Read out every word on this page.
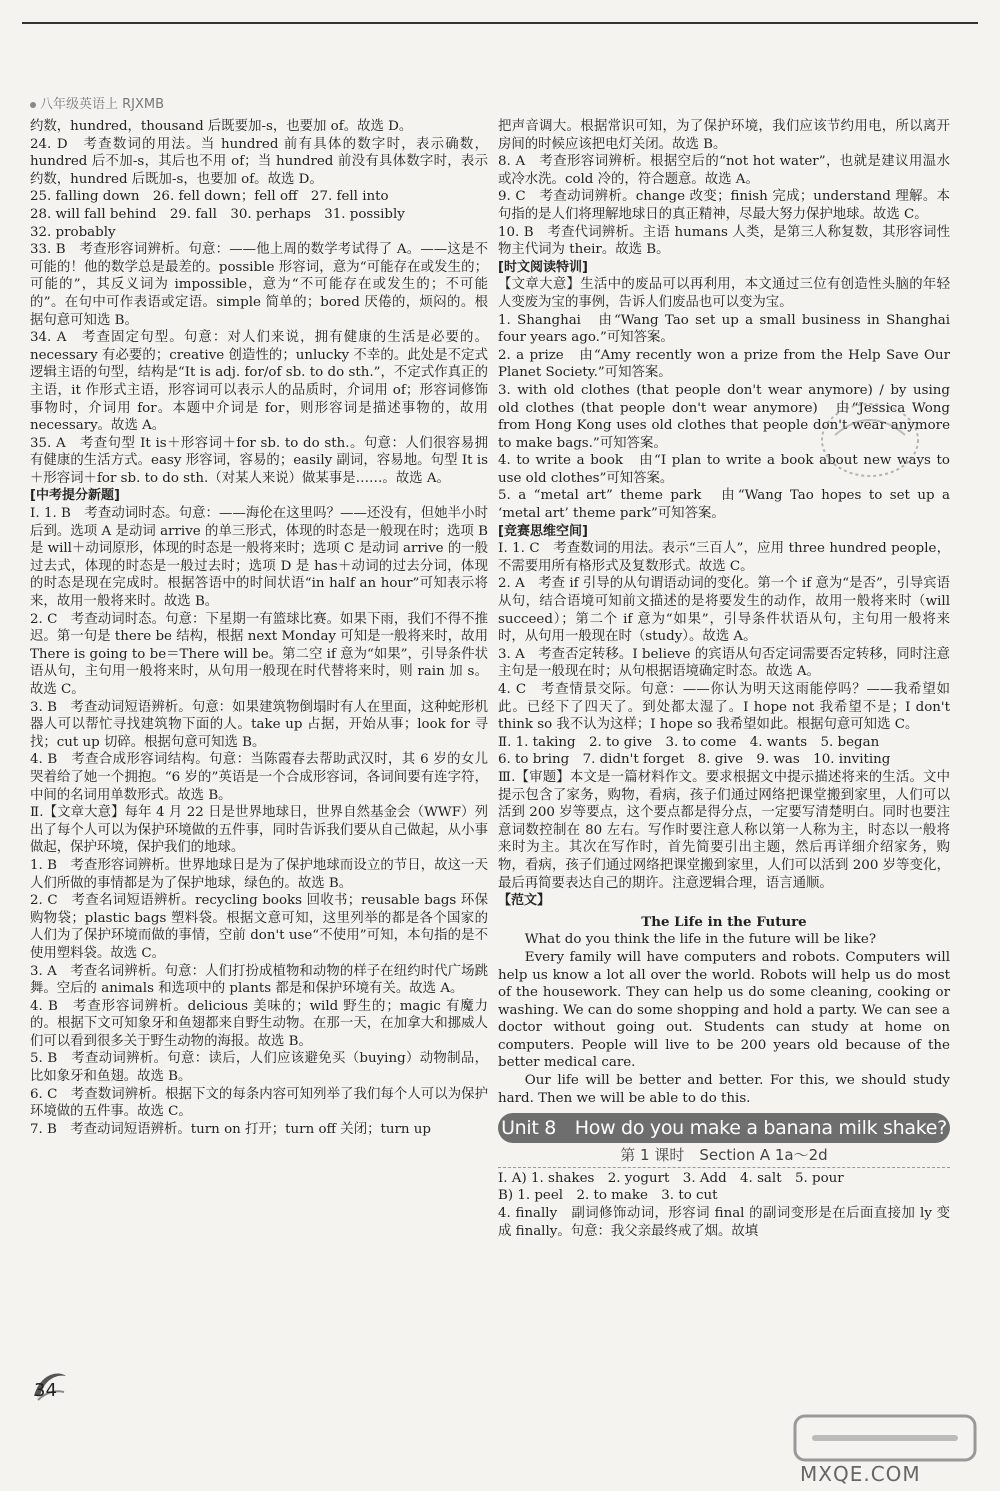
八年级英语上 RJXMB

约数，hundred，thousand 后既要加-s，也要加 of。故选 D。

24. D　考查数词的用法。当 hundred 前有具体的数字时，表示确数，hundred 后不加-s，其后也不用 of；当 hundred 前没有具体数字时，表示约数，hundred 后既加-s，也要加 of。故选 D。

25. falling down　26. fell down；fell off　27. fell into

28. will fall behind　29. fall　30. perhaps　31. possibly

32. probably

33. B　考查形容词辨析。句意：——他上周的数学考试得了 A。——这是不可能的！他的数学总是最差的。possible 形容词，意为“可能存在或发生的；可能的”，其反义词为 impossible，意为“不可能存在或发生的；不可能的”。在句中可作表语或定语。simple 简单的；bored 厌倦的，烦闷的。根据句意可知选 B。

34. A　考查固定句型。句意：对人们来说，拥有健康的生活是必要的。necessary 有必要的；creative 创造性的；unlucky 不幸的。此处是不定式逻辑主语的句型，结构是“It is adj. for/of sb. to do sth.”，不定式作真正的主语，it 作形式主语，形容词可以表示人的品质时，介词用 of；形容词修饰事物时，介词用 for。本题中介词是 for，则形容词是描述事物的，故用 necessary。故选 A。

35. A　考查句型 It is＋形容词＋for sb. to do sth.。句意：人们很容易拥有健康的生活方式。easy 形容词，容易的；easily 副词，容易地。句型 It is＋形容词＋for sb. to do sth.（对某人来说）做某事是……。故选 A。

[中考提分新题]

Ⅰ. 1. B　考查动词时态。句意：——海伦在这里吗？——还没有，但她半小时后到。选项 A 是动词 arrive 的单三形式，体现的时态是一般现在时；选项 B 是 will＋动词原形，体现的时态是一般将来时；选项 C 是动词 arrive 的一般过去式，体现的时态是一般过去时；选项 D 是 has＋动词的过去分词，体现的时态是现在完成时。根据答语中的时间状语“in half an hour”可知表示将来，故用一般将来时。故选 B。

2. C　考查动词时态。句意：下星期一有篮球比赛。如果下雨，我们不得不推迟。第一句是 there be 结构，根据 next Monday 可知是一般将来时，故用 There is going to be＝There will be。第二空 if 意为“如果”，引导条件状语从句，主句用一般将来时，从句用一般现在时代替将来时，则 rain 加 s。故选 C。

3. B　考查动词短语辨析。句意：如果建筑物倒塌时有人在里面，这种蛇形机器人可以帮忙寻找建筑物下面的人。take up 占据，开始从事；look for 寻找；cut up 切碎。根据句意可知选 B。

4. B　考查合成形容词结构。句意：当陈霞春去帮助武汉时，其 6 岁的女儿哭着给了她一个拥抱。“6 岁的”英语是一个合成形容词，各词间要有连字符，中间的名词用单数形式。故选 B。

Ⅱ.【文章大意】每年 4 月 22 日是世界地球日，世界自然基金会（WWF）列出了每个人可以为保护环境做的五件事，同时告诉我们要从自己做起，从小事做起，保护环境，保护我们的地球。

1. B　考查形容词辨析。世界地球日是为了保护地球而设立的节日，故这一天人们所做的事情都是为了保护地球，绿色的。故选 B。

2. C　考查名词短语辨析。recycling books 回收书；reusable bags 环保购物袋；plastic bags 塑料袋。根据文意可知，这里列举的都是各个国家的人们为了保护环境而做的事情，空前 don't use“不使用”可知，本句指的是不使用塑料袋。故选 C。

3. A　考查名词辨析。句意：人们打扮成植物和动物的样子在纽约时代广场跳舞。空后的 animals 和选项中的 plants 都是和保护环境有关。故选 A。

4. B　考查形容词辨析。delicious 美味的；wild 野生的；magic 有魔力的。根据下文可知象牙和鱼翅都来自野生动物。在那一天，在加拿大和挪威人们可以看到很多关于野生动物的海报。故选 B。

5. B　考查动词辨析。句意：读后，人们应该避免买（buying）动物制品，比如象牙和鱼翅。故选 B。

6. C　考查数词辨析。根据下文的每条内容可知列举了我们每个人可以为保护环境做的五件事。故选 C。

7. B　考查动词短语辨析。turn on 打开；turn off 关闭；turn up

把声音调大。根据常识可知，为了保护环境，我们应该节约用电，所以离开房间的时候应该把电灯关闭。故选 B。

8. A　考查形容词辨析。根据空后的“not hot water”，也就是建议用温水或冷水洗。cold 冷的，符合题意。故选 A。

9. C　考查动词辨析。change 改变；finish 完成；understand 理解。本句指的是人们将理解地球日的真正精神，尽最大努力保护地球。故选 C。

10. B　考查代词辨析。主语 humans 人类，是第三人称复数，其形容词性物主代词为 their。故选 B。

[时文阅读特训]

【文章大意】生活中的废品可以再利用，本文通过三位有创造性头脑的年轻人变废为宝的事例，告诉人们废品也可以变为宝。

1. Shanghai　由“Wang Tao set up a small business in Shanghai four years ago.”可知答案。

2. a prize　由“Amy recently won a prize from the Help Save Our Planet Society.”可知答案。

3. with old clothes (that people don't wear anymore) / by using old clothes (that people don't wear anymore)　由“Jessica Wong from Hong Kong uses old clothes that people don't wear anymore to make bags.”可知答案。

4. to write a book　由“I plan to write a book about new ways to use old clothes”可知答案。

5. a “metal art” theme park　由“Wang Tao hopes to set up a ‘metal art’ theme park”可知答案。

[竞赛思维空间]

Ⅰ. 1. C　考查数词的用法。表示“三百人”，应用 three hundred people，不需要用所有格形式及复数形式。故选 C。

2. A　考查 if 引导的从句谓语动词的变化。第一个 if 意为“是否”，引导宾语从句，结合语境可知前文描述的是将要发生的动作，故用一般将来时（will succeed）；第二个 if 意为“如果”，引导条件状语从句，主句用一般将来时，从句用一般现在时（study）。故选 A。

3. A　考查否定转移。I believe 的宾语从句否定词需要否定转移，同时注意主句是一般现在时；从句根据语境确定时态。故选 A。

4. C　考查情景交际。句意：——你认为明天这雨能停吗？——我希望如此。已经下了四天了。到处都太湿了。I hope not 我希望不是；I don't think so 我不认为这样；I hope so 我希望如此。根据句意可知选 C。

Ⅱ. 1. taking　2. to give　3. to come　4. wants　5. began

6. to bring　7. didn't forget　8. give　9. was　10. inviting

Ⅲ.【审题】本文是一篇材料作文。要求根据文中提示描述将来的生活。文中提示包含了家务，购物，看病，孩子们通过网络把课堂搬到家里，人们可以活到 200 岁等要点，这个要点都是得分点，一定要写清楚明白。同时也要注意词数控制在 80 左右。写作时要注意人称以第一人称为主，时态以一般将来时为主。其次在写作时，首先简要引出主题，然后再详细介绍家务，购物，看病，孩子们通过网络把课堂搬到家里，人们可以活到 200 岁等变化，最后再简要表达自己的期许。注意逻辑合理，语言通顺。

【范文】

The Life in the Future

What do you think the life in the future will be like?

Every family will have computers and robots. Computers will help us know a lot all over the world. Robots will help us do most of the housework. They can help us do some cleaning, cooking or washing. We can do some shopping and hold a party. We can see a doctor without going out. Students can study at home on computers. People will live to be 200 years old because of the better medical care.

Our life will be better and better. For this, we should study hard. Then we will be able to do this.

Unit 8　How do you make a banana milk shake?

第 1 课时　Section A 1a～2d

Ⅰ. A) 1. shakes　2. yogurt　3. Add　4. salt　5. pour

B) 1. peel　2. to make　3. to cut

4. finally　副词修饰动词，形容词 final 的副词变形是在后面直接加 ly 变成 finally。句意：我父亲最终戒了烟。故填

34
MXQE.COM
